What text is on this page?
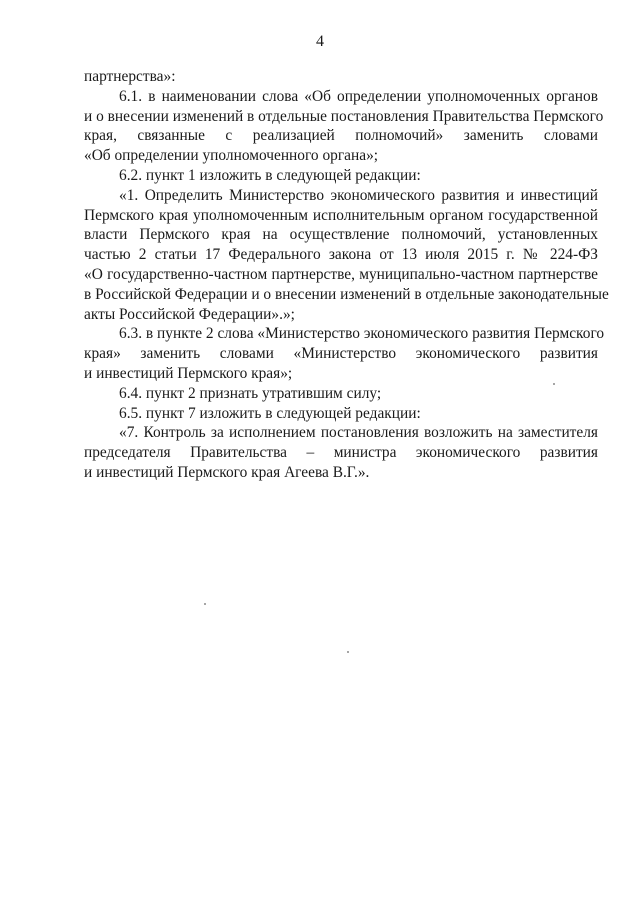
4
партнерства»:
6.1. в наименовании слова «Об определении уполномоченных органов
и о внесении изменений в отдельные постановления Правительства Пермского
края, связанные с реализацией полномочий» заменить словами
«Об определении уполномоченного органа»;
6.2. пункт 1 изложить в следующей редакции:
«1. Определить Министерство экономического развития и инвестиций
Пермского края уполномоченным исполнительным органом государственной
власти Пермского края на осуществление полномочий, установленных
частью 2 статьи 17 Федерального закона от 13 июля 2015 г. № 224-ФЗ
«О государственно-частном партнерстве, муниципально-частном партнерстве
в Российской Федерации и о внесении изменений в отдельные законодательные
акты Российской Федерации».»;
6.3. в пункте 2 слова «Министерство экономического развития Пермского
края» заменить словами «Министерство экономического развития
и инвестиций Пермского края»;
6.4. пункт 2 признать утратившим силу;
6.5. пункт 7 изложить в следующей редакции:
«7. Контроль за исполнением постановления возложить на заместителя
председателя Правительства – министра экономического развития
и инвестиций Пермского края Агеева В.Г.».
